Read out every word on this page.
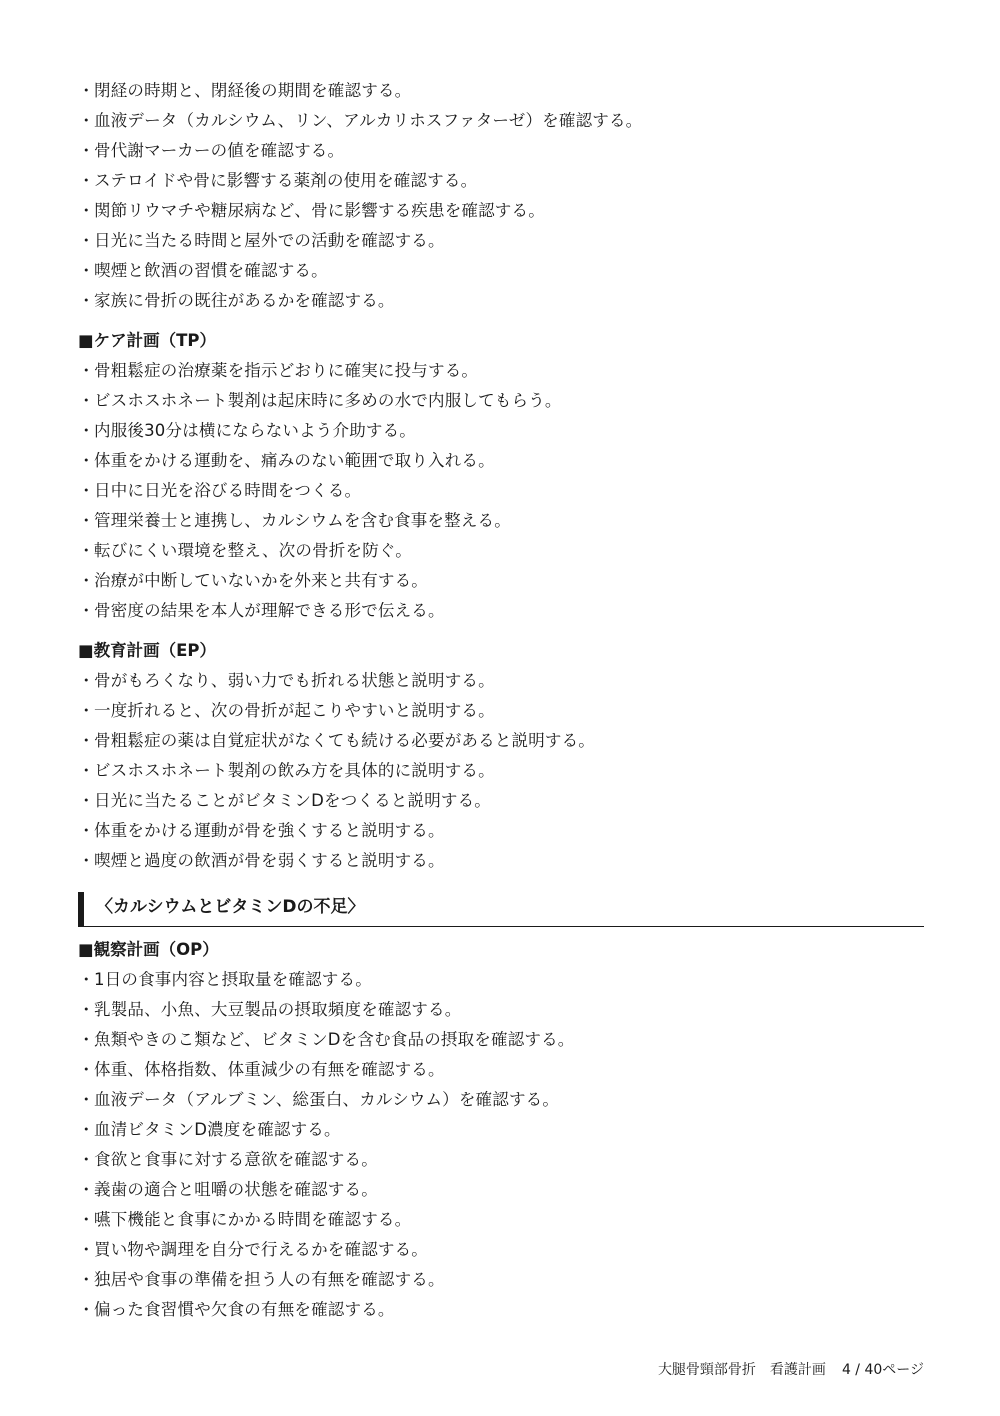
・閉経の時期と、閉経後の期間を確認する。
・血液データ（カルシウム、リン、アルカリホスファターゼ）を確認する。
・骨代謝マーカーの値を確認する。
・ステロイドや骨に影響する薬剤の使用を確認する。
・関節リウマチや糖尿病など、骨に影響する疾患を確認する。
・日光に当たる時間と屋外での活動を確認する。
・喫煙と飲酒の習慣を確認する。
・家族に骨折の既往があるかを確認する。
■ケア計画（TP）
・骨粗鬆症の治療薬を指示どおりに確実に投与する。
・ビスホスホネート製剤は起床時に多めの水で内服してもらう。
・内服後30分は横にならないよう介助する。
・体重をかける運動を、痛みのない範囲で取り入れる。
・日中に日光を浴びる時間をつくる。
・管理栄養士と連携し、カルシウムを含む食事を整える。
・転びにくい環境を整え、次の骨折を防ぐ。
・治療が中断していないかを外来と共有する。
・骨密度の結果を本人が理解できる形で伝える。
■教育計画（EP）
・骨がもろくなり、弱い力でも折れる状態と説明する。
・一度折れると、次の骨折が起こりやすいと説明する。
・骨粗鬆症の薬は自覚症状がなくても続ける必要があると説明する。
・ビスホスホネート製剤の飲み方を具体的に説明する。
・日光に当たることがビタミンDをつくると説明する。
・体重をかける運動が骨を強くすると説明する。
・喫煙と過度の飲酒が骨を弱くすると説明する。
〈カルシウムとビタミンDの不足〉
■観察計画（OP）
・1日の食事内容と摂取量を確認する。
・乳製品、小魚、大豆製品の摂取頻度を確認する。
・魚類やきのこ類など、ビタミンDを含む食品の摂取を確認する。
・体重、体格指数、体重減少の有無を確認する。
・血液データ（アルブミン、総蛋白、カルシウム）を確認する。
・血清ビタミンD濃度を確認する。
・食欲と食事に対する意欲を確認する。
・義歯の適合と咀嚼の状態を確認する。
・嚥下機能と食事にかかる時間を確認する。
・買い物や調理を自分で行えるかを確認する。
・独居や食事の準備を担う人の有無を確認する。
・偏った食習慣や欠食の有無を確認する。
大腿骨頸部骨折　看護計画 4 / 40ページ
